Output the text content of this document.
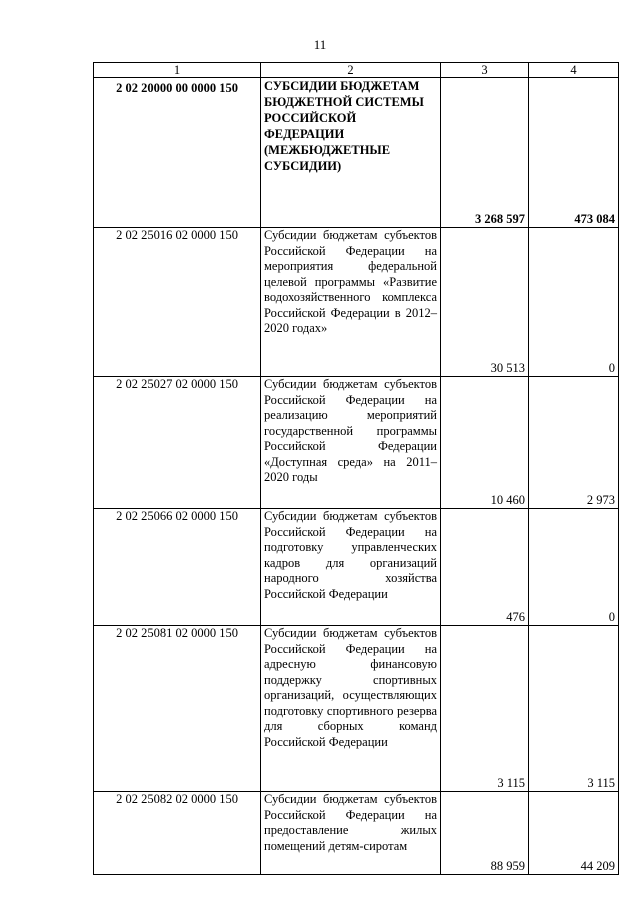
11
1	2	3	4
2 02 20000 00 0000 150	СУБСИДИИ БЮДЖЕТАМ БЮДЖЕТНОЙ СИСТЕМЫ РОССИЙСКОЙ ФЕДЕРАЦИИ (МЕЖБЮДЖЕТНЫЕ СУБСИДИИ)	3 268 597	473 084
2 02 25016 02 0000 150	Субсидии бюджетам субъектов Российской Федерации на мероприятия федеральной целевой программы «Развитие водохозяйственного комплекса Российской Федерации в 2012–2020 годах»	30 513	0
2 02 25027 02 0000 150	Субсидии бюджетам субъектов Российской Федерации на реализацию мероприятий государственной программы Российской Федерации «Доступная среда» на 2011–2020 годы	10 460	2 973
2 02 25066 02 0000 150	Субсидии бюджетам субъектов Российской Федерации на подготовку управленческих кадров для организаций народного хозяйства Российской Федерации	476	0
2 02 25081 02 0000 150	Субсидии бюджетам субъектов Российской Федерации на адресную финансовую поддержку спортивных организаций, осуществляющих подготовку спортивного резерва для сборных команд Российской Федерации	3 115	3 115
2 02 25082 02 0000 150	Субсидии бюджетам субъектов Российской Федерации на предоставление жилых помещений детям-сиротам	88 959	44 209
